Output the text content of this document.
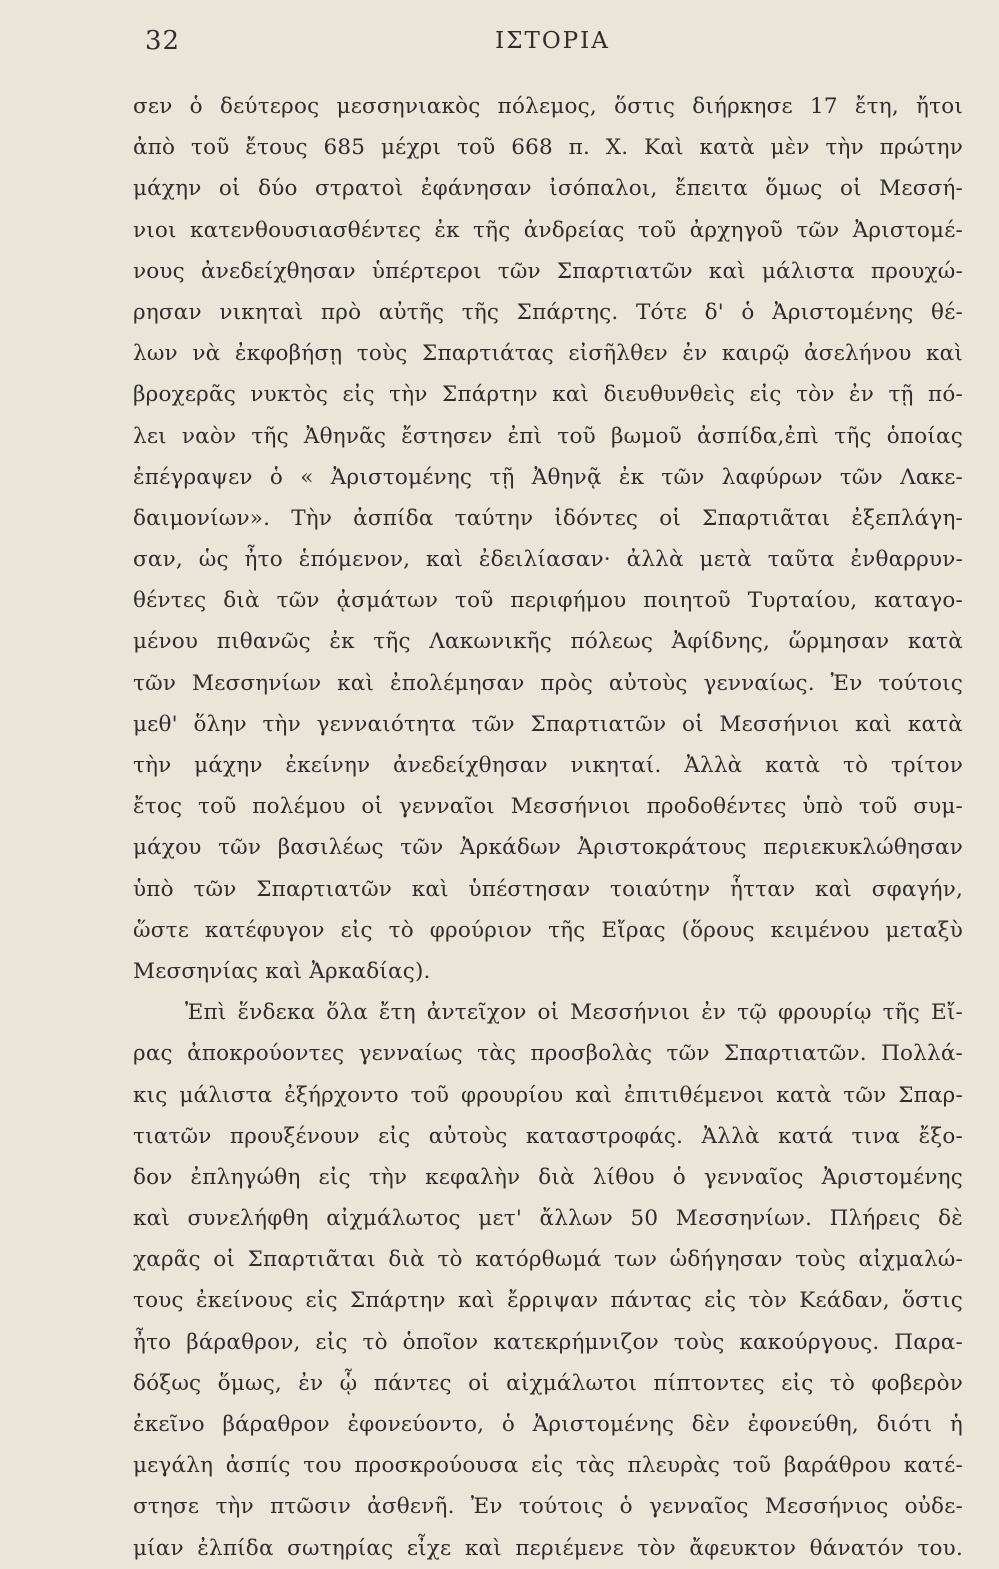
32	ΙΣΤΟΡΙΑ
σεν ὁ δεύτερος μεσσηνιακὸς πόλεμος, ὅστις διήρκησε 17 ἔτη, ἤτοι
ἀπὸ τοῦ ἔτους 685 μέχρι τοῦ 668 π. Χ. Καὶ κατὰ μὲν τὴν πρώτην
μάχην οἱ δύο στρατοὶ ἐφάνησαν ἰσόπαλοι, ἔπειτα ὅμως οἱ Μεσσή-
νιοι κατενθουσιασθέντες ἐκ τῆς ἀνδρείας τοῦ ἀρχηγοῦ τῶν Ἀριστομέ-
νους ἀνεδείχθησαν ὑπέρτεροι τῶν Σπαρτιατῶν καὶ μάλιστα προυχώ-
ρησαν νικηταὶ πρὸ αὐτῆς τῆς Σπάρτης. Τότε δ' ὁ Ἀριστομένης θέ-
λων νὰ ἐκφοβήσῃ τοὺς Σπαρτιάτας εἰσῆλθεν ἐν καιρῷ ἀσελήνου καὶ
βροχερᾶς νυκτὸς εἰς τὴν Σπάρτην καὶ διευθυνθεὶς εἰς τὸν ἐν τῇ πό-
λει ναὸν τῆς Ἀθηνᾶς ἔστησεν ἐπὶ τοῦ βωμοῦ ἀσπίδα,ἐπὶ τῆς ὁποίας
ἐπέγραψεν ὁ « Ἀριστομένης τῇ Ἀθηνᾷ ἐκ τῶν λαφύρων τῶν Λακε-
δαιμονίων». Τὴν ἀσπίδα ταύτην ἰδόντες οἱ Σπαρτιᾶται ἐξεπλάγη-
σαν, ὡς ἦτο ἑπόμενον, καὶ ἐδειλίασαν· ἀλλὰ μετὰ ταῦτα ἐνθαρρυν-
θέντες διὰ τῶν ᾀσμάτων τοῦ περιφήμου ποιητοῦ Τυρταίου, καταγο-
μένου πιθανῶς ἐκ τῆς Λακωνικῆς πόλεως Ἀφίδνης, ὥρμησαν κατὰ
τῶν Μεσσηνίων καὶ ἐπολέμησαν πρὸς αὐτοὺς γενναίως. Ἐν τούτοις
μεθ' ὅλην τὴν γενναιότητα τῶν Σπαρτιατῶν οἱ Μεσσήνιοι καὶ κατὰ
τὴν μάχην ἐκείνην ἀνεδείχθησαν νικηταί. Ἀλλὰ κατὰ τὸ τρίτον
ἔτος τοῦ πολέμου οἱ γενναῖοι Μεσσήνιοι προδοθέντες ὑπὸ τοῦ συμ-
μάχου τῶν βασιλέως τῶν Ἀρκάδων Ἀριστοκράτους περιεκυκλώθησαν
ὑπὸ τῶν Σπαρτιατῶν καὶ ὑπέστησαν τοιαύτην ἧτταν καὶ σφαγήν,
ὥστε κατέφυγον εἰς τὸ φρούριον τῆς Εἴρας (ὅρους κειμένου μεταξὺ
Μεσσηνίας καὶ Ἀρκαδίας).
Ἐπὶ ἕνδεκα ὅλα ἔτη ἀντεῖχον οἱ Μεσσήνιοι ἐν τῷ φρουρίῳ τῆς Εἴ-
ρας ἀποκρούοντες γενναίως τὰς προσβολὰς τῶν Σπαρτιατῶν. Πολλά-
κις μάλιστα ἐξήρχοντο τοῦ φρουρίου καὶ ἐπιτιθέμενοι κατὰ τῶν Σπαρ-
τιατῶν προυξένουν εἰς αὐτοὺς καταστροφάς. Ἀλλὰ κατά τινα ἔξο-
δον ἐπληγώθη εἰς τὴν κεφαλὴν διὰ λίθου ὁ γενναῖος Ἀριστομένης
καὶ συνελήφθη αἰχμάλωτος μετ' ἄλλων 50 Μεσσηνίων. Πλήρεις δὲ
χαρᾶς οἱ Σπαρτιᾶται διὰ τὸ κατόρθωμά των ὡδήγησαν τοὺς αἰχμαλώ-
τους ἐκείνους εἰς Σπάρτην καὶ ἔρριψαν πάντας εἰς τὸν Κεάδαν, ὅστις
ἦτο βάραθρον, εἰς τὸ ὁποῖον κατεκρήμνιζον τοὺς κακούργους. Παρα-
δόξως ὅμως, ἐν ᾧ πάντες οἱ αἰχμάλωτοι πίπτοντες εἰς τὸ φοβερὸν
ἐκεῖνο βάραθρον ἐφονεύοντο, ὁ Ἀριστομένης δὲν ἐφονεύθη, διότι ἡ
μεγάλη ἀσπίς του προσκρούουσα εἰς τὰς πλευρὰς τοῦ βαράθρου κατέ-
στησε τὴν πτῶσιν ἀσθενῆ. Ἐν τούτοις ὁ γενναῖος Μεσσήνιος οὐδε-
μίαν ἐλπίδα σωτηρίας εἶχε καὶ περιέμενε τὸν ἄφευκτον θάνατόν του.
